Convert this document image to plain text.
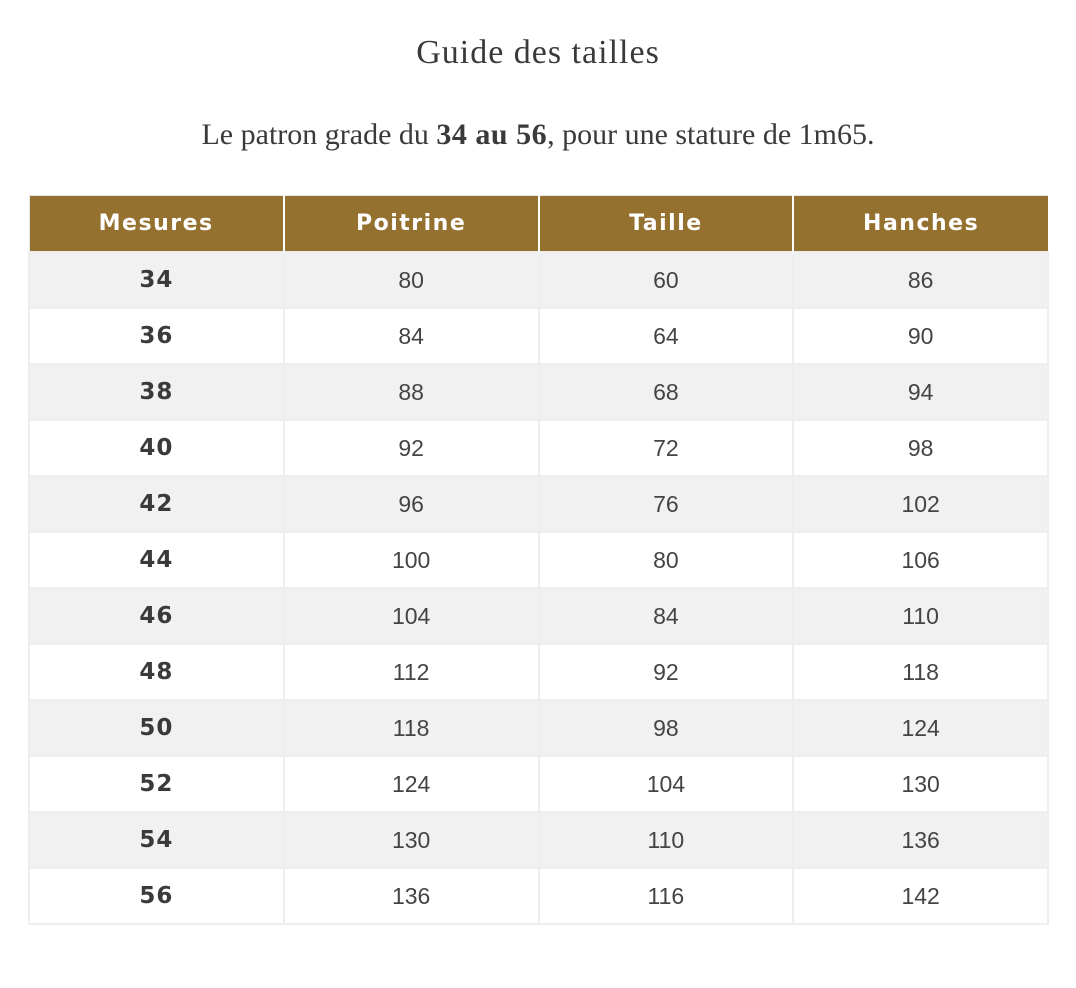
Guide des tailles

Le patron grade du 34 au 56, pour une stature de 1m65.

Mesures	Poitrine	Taille	Hanches
34	80	60	86
36	84	64	90
38	88	68	94
40	92	72	98
42	96	76	102
44	100	80	106
46	104	84	110
48	112	92	118
50	118	98	124
52	124	104	130
54	130	110	136
56	136	116	142
